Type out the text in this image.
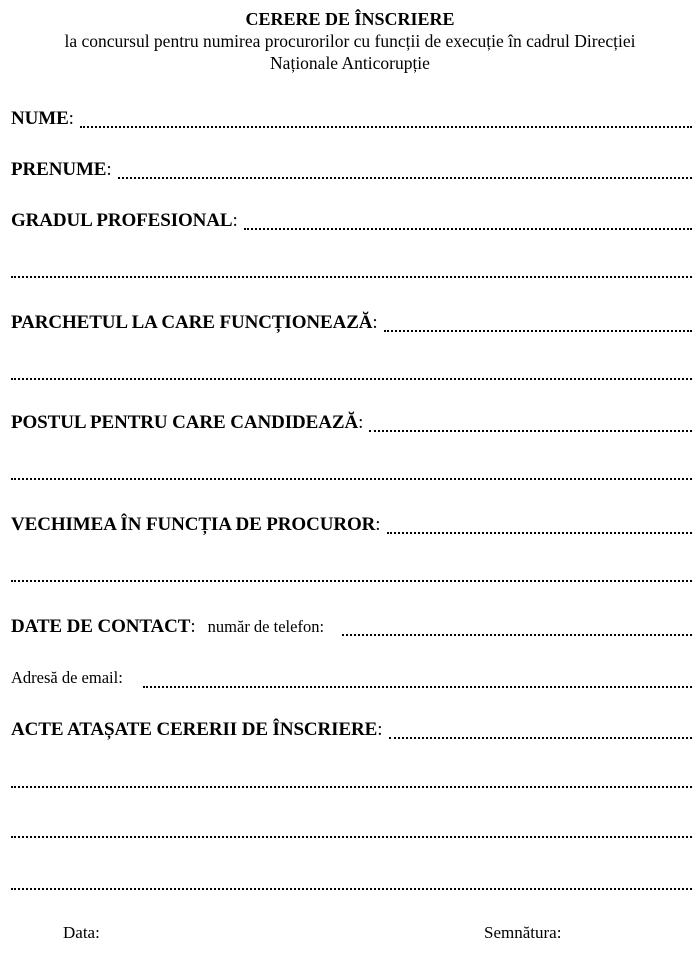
CERERE DE ÎNSCRIERE
la concursul pentru numirea procurorilor cu funcții de execuție în cadrul Direcției
Naționale Anticorupție
NUME :
PRENUME :
GRADUL PROFESIONAL :
PARCHETUL LA CARE FUNCȚIONEAZĂ :
POSTUL PENTRU CARE CANDIDEAZĂ :
VECHIMEA ÎN FUNCȚIA DE PROCUROR :
DATE DE CONTACT : număr de telefon:
Adresă de email:
ACTE ATAȘATE CERERII DE ÎNSCRIERE :
Data:	Semnătura:
